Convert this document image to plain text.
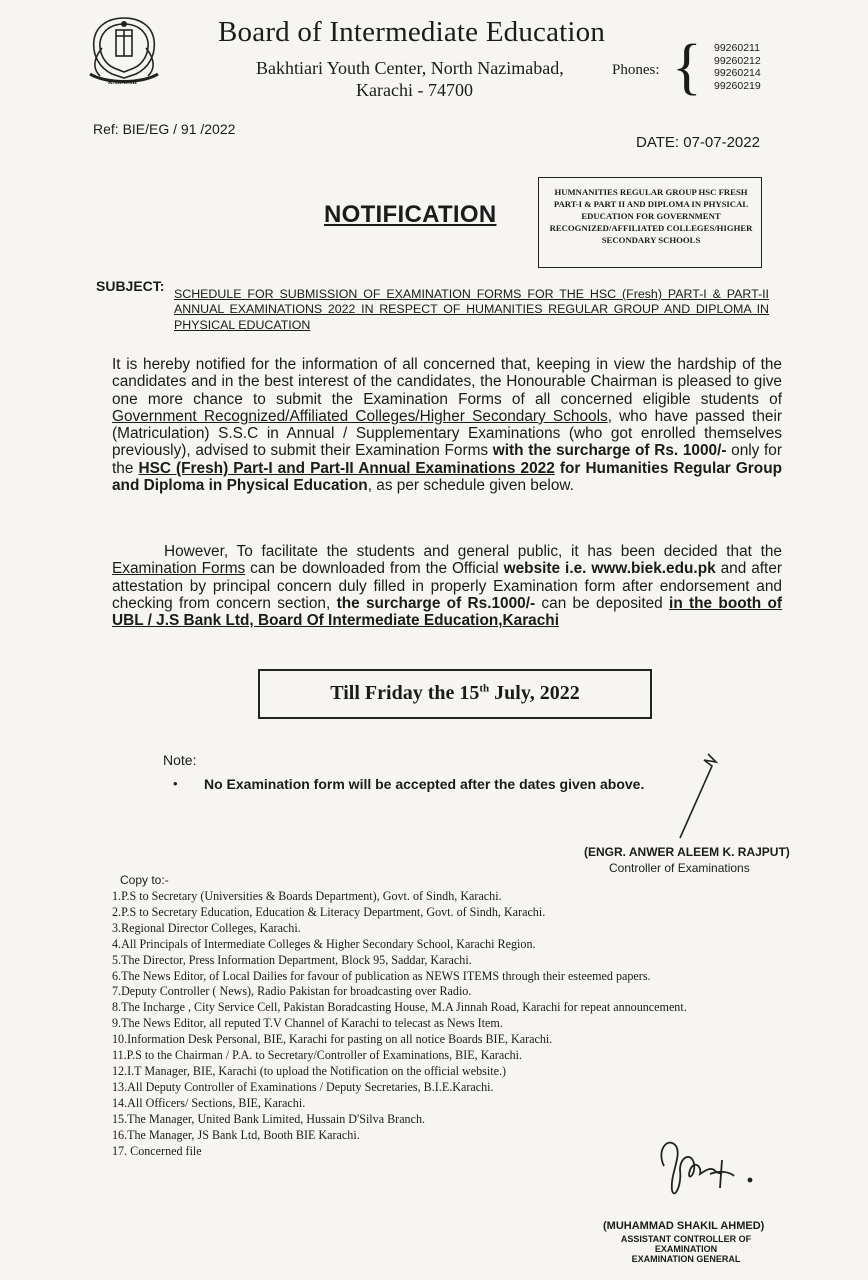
KARACHI
Board of Intermediate Education
Bakhtiari Youth Center, North Nazimabad,
Karachi - 74700
Phones: { 99260211
99260212
99260214
99260219
Ref: BIE/EG / 91 /2022
DATE: 07-07-2022
NOTIFICATION
HUMNANITIES REGULAR GROUP HSC FRESH PART-I & PART II AND DIPLOMA IN PHYSICAL EDUCATION FOR GOVERNMENT RECOGNIZED/AFFILIATED COLLEGES/HIGHER SECONDARY SCHOOLS
SUBJECT: SCHEDULE FOR SUBMISSION OF EXAMINATION FORMS FOR THE HSC (Fresh) PART-I & PART-II ANNUAL EXAMINATIONS 2022 IN RESPECT OF HUMANITIES REGULAR GROUP AND DIPLOMA IN PHYSICAL EDUCATION
It is hereby notified for the information of all concerned that, keeping in view the hardship of the candidates and in the best interest of the candidates, the Honourable Chairman is pleased to give one more chance to submit the Examination Forms of all concerned eligible students of Government Recognized/Affiliated Colleges/Higher Secondary Schools, who have passed their (Matriculation) S.S.C in Annual / Supplementary Examinations (who got enrolled themselves previously), advised to submit their Examination Forms with the surcharge of Rs. 1000/- only for the HSC (Fresh) Part-I and Part-II Annual Examinations 2022 for Humanities Regular Group and Diploma in Physical Education, as per schedule given below.
However, To facilitate the students and general public, it has been decided that the Examination Forms can be downloaded from the Official website i.e. www.biek.edu.pk and after attestation by principal concern duly filled in properly Examination form after endorsement and checking from concern section, the surcharge of Rs.1000/- can be deposited in the booth of UBL / J.S Bank Ltd, Board Of Intermediate Education,Karachi
Till Friday the 15th July, 2022
Note:
• No Examination form will be accepted after the dates given above.
(ENGR. ANWER ALEEM K. RAJPUT)
Controller of Examinations
Copy to:-
1.P.S to Secretary (Universities & Boards Department), Govt. of Sindh, Karachi.
2.P.S to Secretary Education, Education & Literacy Department, Govt. of Sindh, Karachi.
3.Regional Director Colleges, Karachi.
4.All Principals of Intermediate Colleges & Higher Secondary School, Karachi Region.
5.The Director, Press Information Department, Block 95, Saddar, Karachi.
6.The News Editor, of Local Dailies for favour of publication as NEWS ITEMS through their esteemed papers.
7.Deputy Controller ( News), Radio Pakistan for broadcasting over Radio.
8.The Incharge , City Service Cell, Pakistan Boradcasting House, M.A Jinnah Road, Karachi for repeat announcement.
9.The News Editor, all reputed T.V Channel of Karachi to telecast as News Item.
10.Information Desk Personal, BIE, Karachi for pasting on all notice Boards BIE, Karachi.
11.P.S to the Chairman / P.A. to Secretary/Controller of Examinations, BIE, Karachi.
12.I.T Manager, BIE, Karachi (to upload the Notification on the official website.)
13.All Deputy Controller of Examinations / Deputy Secretaries, B.I.E.Karachi.
14.All Officers/ Sections, BIE, Karachi.
15.The Manager, United Bank Limited, Hussain D'Silva Branch.
16.The Manager, JS Bank Ltd, Booth BIE Karachi.
17. Concerned file
(MUHAMMAD SHAKIL AHMED)
ASSISTANT CONTROLLER OF EXAMINATION
EXAMINATION GENERAL
